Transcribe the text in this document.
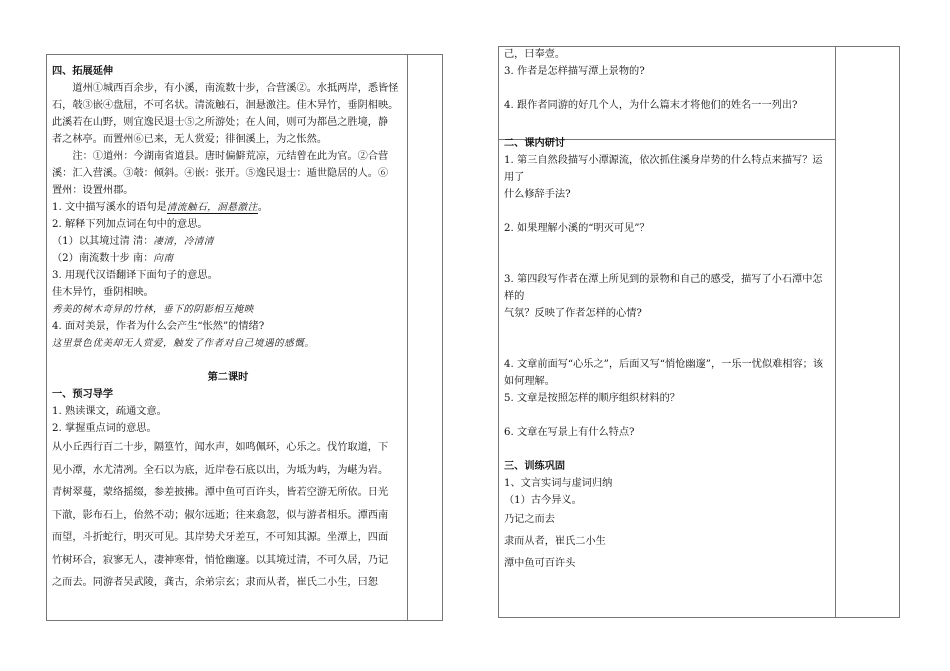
四、拓展延伸

道州①城西百余步，有小溪，南流数十步，合营溪②。水抵两岸，悉皆怪

石，攲③嵌④盘屈，不可名状。清流触石，洄悬激注。佳木异竹，垂阴相映。

此溪若在山野，则宜逸民退士⑤之所游处；在人间，则可为都邑之胜境，静

者之林亭。而置州⑥已来，无人赏爱；徘徊溪上，为之怅然。

注：①道州：今湖南省道县。唐时偏僻荒凉，元结曾在此为官。②合营

溪：汇入营溪。③攲：倾斜。④嵌：张开。⑤逸民退士：遁世隐居的人。⑥

置州：设置州郡。

1. 文中描写溪水的语句是清流触石，洄悬激注。

2. 解释下列加点词在句中的意思。

（1）以其境过清 清：凄清，冷清清

（2）南流数十步 南：向南

3. 用现代汉语翻译下面句子的意思。

佳木异竹，垂阴相映。

秀美的树木奇异的竹林，垂下的阴影相互掩映

4. 面对美景，作者为什么会产生“怅然”的情绪?

这里景色优美却无人赏爱，触发了作者对自己境遇的感慨。

第二课时

一、预习导学

1. 熟读课文，疏通文意。

2. 掌握重点词的意思。

从小丘西行百二十步，隔篁竹，闻水声，如鸣佩环，心乐之。伐竹取道，下

见小潭，水尤清冽。全石以为底，近岸卷石底以出，为坻为屿，为嵁为岩。

青树翠蔓，蒙络摇缀，参差披拂。潭中鱼可百许头，皆若空游无所依。日光

下澈，影布石上，佁然不动；俶尔远逝；往来翕忽，似与游者相乐。潭西南

而望，斗折蛇行，明灭可见。其岸势犬牙差互，不可知其源。坐潭上，四面

竹树环合，寂寥无人，凄神寒骨，悄怆幽邃。以其境过清，不可久居，乃记

之而去。同游者吴武陵，龚古，余弟宗玄；隶而从者，崔氏二小生，曰恕

己，曰奉壹。

3. 作者是怎样描写潭上景物的?

4. 跟作者同游的好几个人，为什么篇末才将他们的姓名一一列出?

二、课内研讨

1. 第三自然段描写小潭源流，依次抓住溪身岸势的什么特点来描写？运用了

什么修辞手法?

2. 如果理解小溪的“明灭可见”？

3. 第四段写作者在潭上所见到的景物和自己的感受，描写了小石潭中怎样的

气氛？反映了作者怎样的心情?

4. 文章前面写“心乐之”，后面又写“悄怆幽邃”，一乐一忧似难相容；该

如何理解。

5. 文章是按照怎样的顺序组织材料的？

6. 文章在写景上有什么特点?

三、训练巩固

1、文言实词与虚词归纳

（1）古今异义。

乃记之而去

隶而从者，崔氏二小生

潭中鱼可百许头
